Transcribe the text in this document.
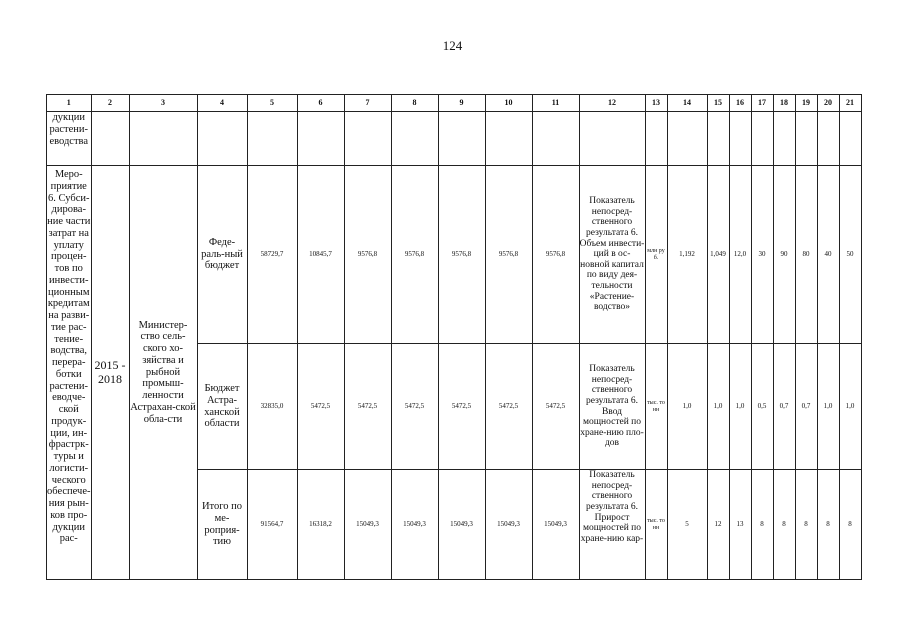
124
1	2	3	4	5	6	7	8	9	10	11	12	13	14	15	16	17	18	19	20	21
дукции растени-еводства																				
Меро-приятие 6. Субси-дирова-ние части затрат на уплату процен-тов по инвести-ционным кредитам на разви-тие рас-тение-водства, перера-ботки растени-еводче-ской продук-ции, ин-фрастрк-туры и логисти-ческого обеспече-ния рын-ков про-дукции рас-	2015 - 2018	Министер-ство сель-ского хо-зяйства и рыбной промыш-ленности Астрахан-ской обла-сти	Феде-раль-ный бюджет	58729,7	10845,7	9576,8	9576,8	9576,8	9576,8	9576,8	Показатель непосред-ственного результата 6. Объем инвести-ций в ос-новной капитал по виду дея-тельности «Растение-водство»	млн руб.	1,192	1,049	12,0	30	90	80	40	50
			Бюджет Астра-ханской области	32835,0	5472,5	5472,5	5472,5	5472,5	5472,5	5472,5	Показатель непосред-ственного результата 6. Ввод мощностей по хране-нию пло-дов	тыс. тонн	1,0	1,0	1,0	0,5	0,7	0,7	1,0	1,0
			Итого по ме-роприя-тию	91564,7	16318,2	15049,3	15049,3	15049,3	15049,3	15049,3	Показатель непосред-ственного результата 6. Прирост мощностей по хране-нию кар-	тыс. тонн	5	12	13	8	8	8	8	8
